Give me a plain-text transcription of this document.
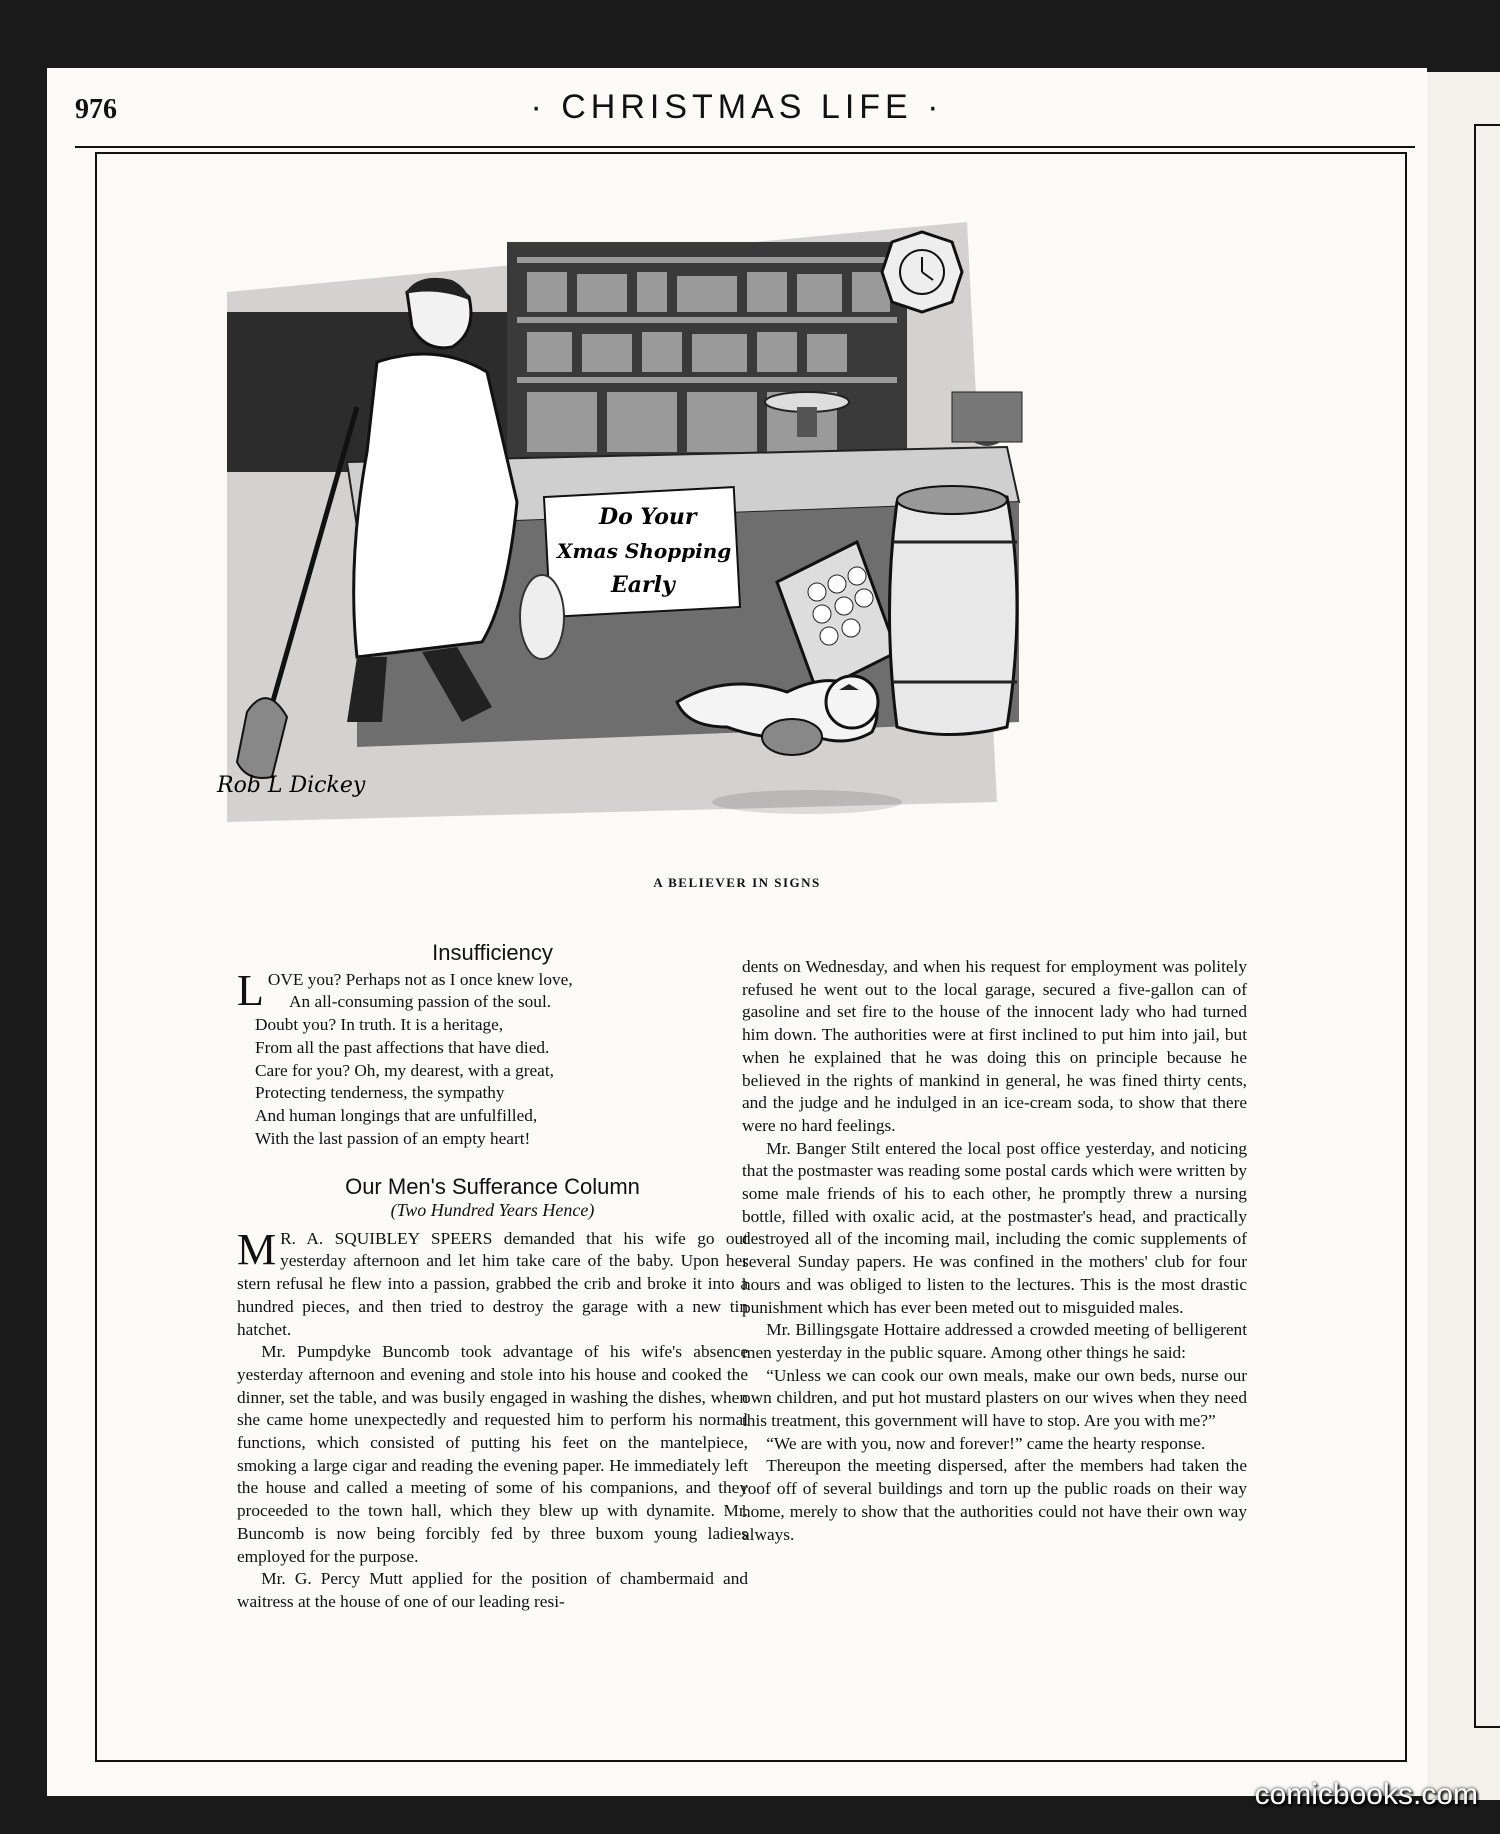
976	· CHRISTMAS LIFE ·
Do Your
Xmas Shopping
Early
Rob L Dickey
A BELIEVER IN SIGNS
Insufficiency
L OVE you? Perhaps not as I once knew love,
An all-consuming passion of the soul.
Doubt you? In truth. It is a heritage,
From all the past affections that have died.
Care for you? Oh, my dearest, with a great,
Protecting tenderness, the sympathy
And human longings that are unfulfilled,
With the last passion of an empty heart!
Our Men's Sufferance Column
(Two Hundred Years Hence)

M R. A. SQUIBLEY SPEERS demanded that his wife go out yesterday afternoon and let him take care of the baby. Upon her stern refusal he flew into a passion, grabbed the crib and broke it into a hundred pieces, and then tried to destroy the garage with a new tin hatchet.

Mr. Pumpdyke Buncomb took advantage of his wife's absence yesterday afternoon and evening and stole into his house and cooked the dinner, set the table, and was busily engaged in washing the dishes, when she came home unexpectedly and requested him to perform his normal functions, which consisted of putting his feet on the mantelpiece, smoking a large cigar and reading the evening paper. He immediately left the house and called a meeting of some of his companions, and they proceeded to the town hall, which they blew up with dynamite. Mr. Buncomb is now being forcibly fed by three buxom young ladies employed for the purpose.

Mr. G. Percy Mutt applied for the position of chambermaid and waitress at the house of one of our leading resi-

dents on Wednesday, and when his request for employment was politely refused he went out to the local garage, secured a five-gallon can of gasoline and set fire to the house of the innocent lady who had turned him down. The authorities were at first inclined to put him into jail, but when he explained that he was doing this on principle because he believed in the rights of mankind in general, he was fined thirty cents, and the judge and he indulged in an ice-cream soda, to show that there were no hard feelings.

Mr. Banger Stilt entered the local post office yesterday, and noticing that the postmaster was reading some postal cards which were written by some male friends of his to each other, he promptly threw a nursing bottle, filled with oxalic acid, at the postmaster's head, and practically destroyed all of the incoming mail, including the comic supplements of several Sunday papers. He was confined in the mothers' club for four hours and was obliged to listen to the lectures. This is the most drastic punishment which has ever been meted out to misguided males.

Mr. Billingsgate Hottaire addressed a crowded meeting of belligerent men yesterday in the public square. Among other things he said:

“Unless we can cook our own meals, make our own beds, nurse our own children, and put hot mustard plasters on our wives when they need this treatment, this government will have to stop. Are you with me?”

“We are with you, now and forever!” came the hearty response.

Thereupon the meeting dispersed, after the members had taken the roof off of several buildings and torn up the public roads on their way home, merely to show that the authorities could not have their own way always.

comicbooks.com
